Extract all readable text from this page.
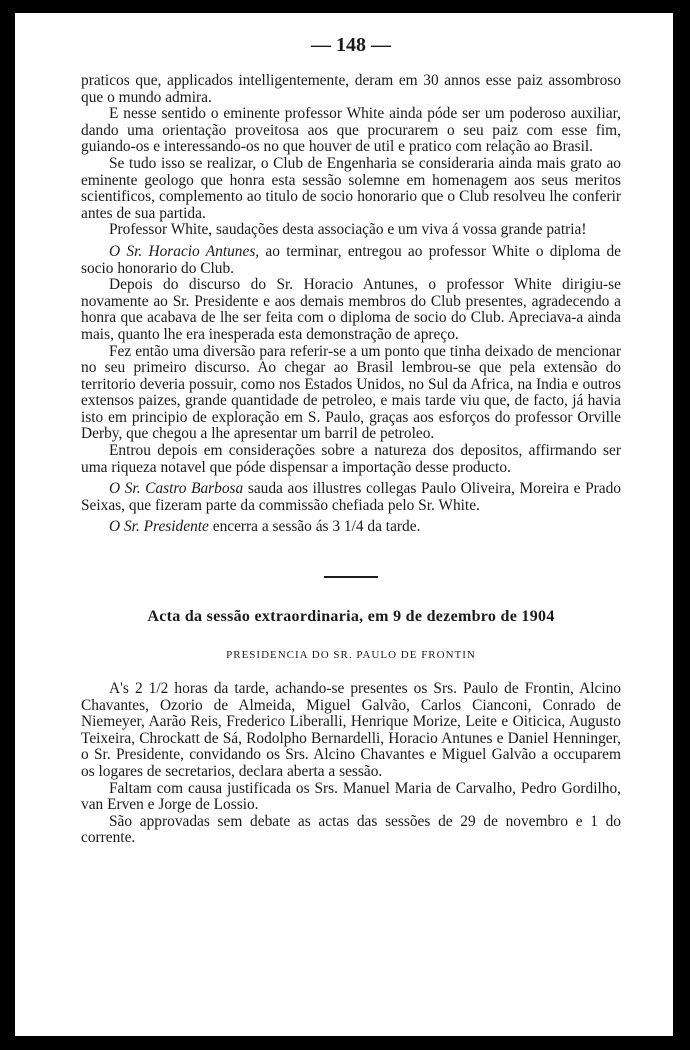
— 148 —

praticos que, applicados intelligentemente, deram em 30 annos esse paiz assombroso que o mundo admira.

E nesse sentido o eminente professor White ainda póde ser um poderoso auxiliar, dando uma orientação proveitosa aos que procurarem o seu paiz com esse fim, guiando-os e interessando-os no que houver de util e pratico com relação ao Brasil.

Se tudo isso se realizar, o Club de Engenharia se consideraria ainda mais grato ao eminente geologo que honra esta sessão solemne em homenagem aos seus meritos scientificos, complemento ao titulo de socio honorario que o Club resolveu lhe conferir antes de sua partida.

Professor White, saudações desta associação e um viva á vossa grande patria!

O Sr. Horacio Antunes, ao terminar, entregou ao professor White o diploma de socio honorario do Club.

Depois do discurso do Sr. Horacio Antunes, o professor White dirigiu-se novamente ao Sr. Presidente e aos demais membros do Club presentes, agradecendo a honra que acabava de lhe ser feita com o diploma de socio do Club. Apreciava-a ainda mais, quanto lhe era inesperada esta demonstração de apreço.

Fez então uma diversão para referir-se a um ponto que tinha deixado de mencionar no seu primeiro discurso. Ao chegar ao Brasil lembrou-se que pela extensão do territorio deveria possuir, como nos Estados Unidos, no Sul da Africa, na India e outros extensos paizes, grande quantidade de petroleo, e mais tarde viu que, de facto, já havia isto em principio de exploração em S. Paulo, graças aos esforços do professor Orville Derby, que chegou a lhe apresentar um barril de petroleo.

Entrou depois em considerações sobre a natureza dos depositos, affirmando ser uma riqueza notavel que póde dispensar a importação desse producto.

O Sr. Castro Barbosa sauda aos illustres collegas Paulo Oliveira, Moreira e Prado Seixas, que fizeram parte da commissão chefiada pelo Sr. White.

O Sr. Presidente encerra a sessão ás 3 1/4 da tarde.

Acta da sessão extraordinaria, em 9 de dezembro de 1904
PRESIDENCIA DO SR. PAULO DE FRONTIN

A's 2 1/2 horas da tarde, achando-se presentes os Srs. Paulo de Frontin, Alcino Chavantes, Ozorio de Almeida, Miguel Galvão, Carlos Cianconi, Conrado de Niemeyer, Aarão Reis, Frederico Liberalli, Henrique Morize, Leite e Oiticica, Augusto Teixeira, Chrockatt de Sá, Rodolpho Bernardelli, Horacio Antunes e Daniel Henninger, o Sr. Presidente, convidando os Srs. Alcino Chavantes e Miguel Galvão a occuparem os logares de secretarios, declara aberta a sessão.

Faltam com causa justificada os Srs. Manuel Maria de Carvalho, Pedro Gordilho, van Erven e Jorge de Lossio.

São approvadas sem debate as actas das sessões de 29 de novembro e 1 do corrente.
